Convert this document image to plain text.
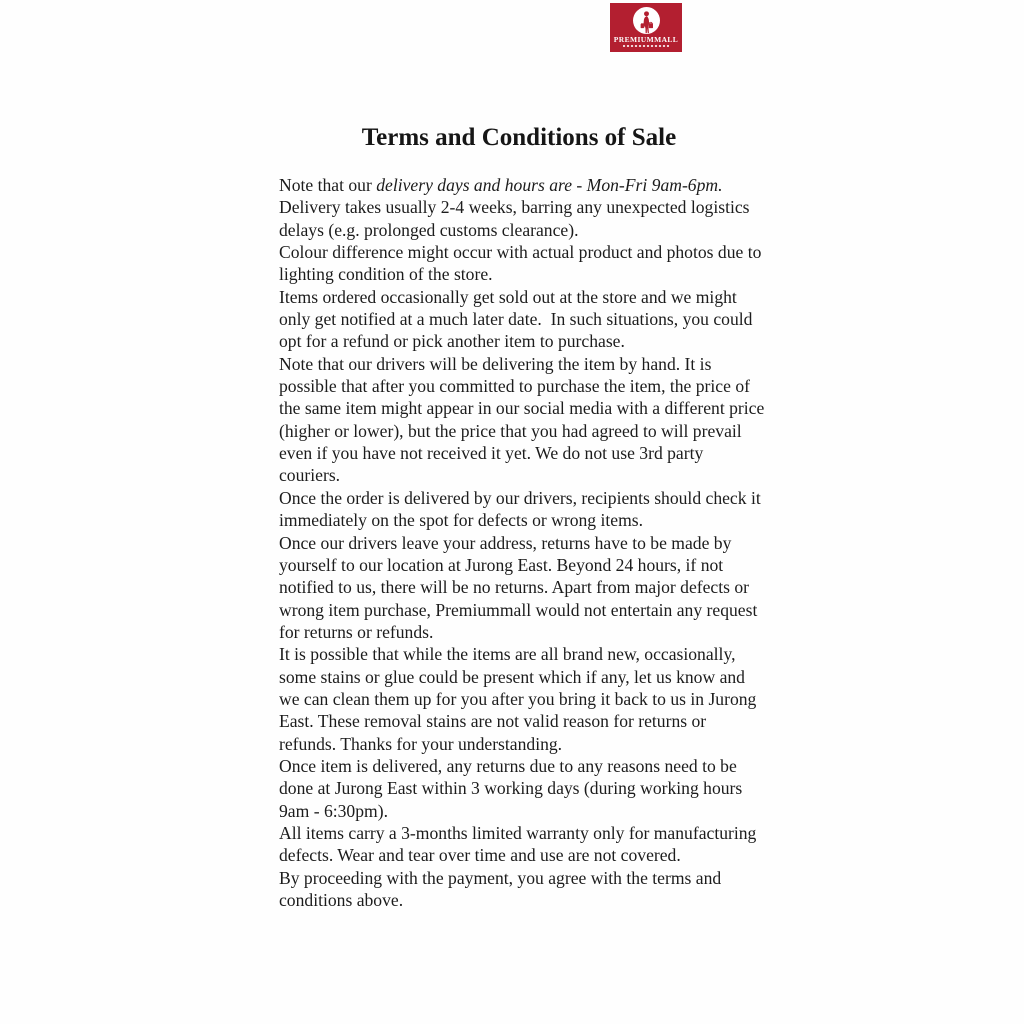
PREMIUMMALL
Terms and Conditions of Sale

Note that our delivery days and hours are - Mon-Fri 9am-6pm.

Delivery takes usually 2-4 weeks, barring any unexpected logistics delays (e.g. prolonged customs clearance).

Colour difference might occur with actual product and photos due to lighting condition of the store.

Items ordered occasionally get sold out at the store and we might only get notified at a much later date.  In such situations, you could opt for a refund or pick another item to purchase.

Note that our drivers will be delivering the item by hand. It is possible that after you committed to purchase the item, the price of the same item might appear in our social media with a different price (higher or lower), but the price that you had agreed to will prevail even if you have not received it yet. We do not use 3rd party couriers.

Once the order is delivered by our drivers, recipients should check it immediately on the spot for defects or wrong items.

Once our drivers leave your address, returns have to be made by yourself to our location at Jurong East. Beyond 24 hours, if not notified to us, there will be no returns. Apart from major defects or wrong item purchase, Premiummall would not entertain any request for returns or refunds.

It is possible that while the items are all brand new, occasionally, some stains or glue could be present which if any, let us know and we can clean them up for you after you bring it back to us in Jurong East. These removal stains are not valid reason for returns or refunds. Thanks for your understanding.

Once item is delivered, any returns due to any reasons need to be done at Jurong East within 3 working days (during working hours 9am - 6:30pm).

All items carry a 3-months limited warranty only for manufacturing defects. Wear and tear over time and use are not covered.

By proceeding with the payment, you agree with the terms and conditions above.
